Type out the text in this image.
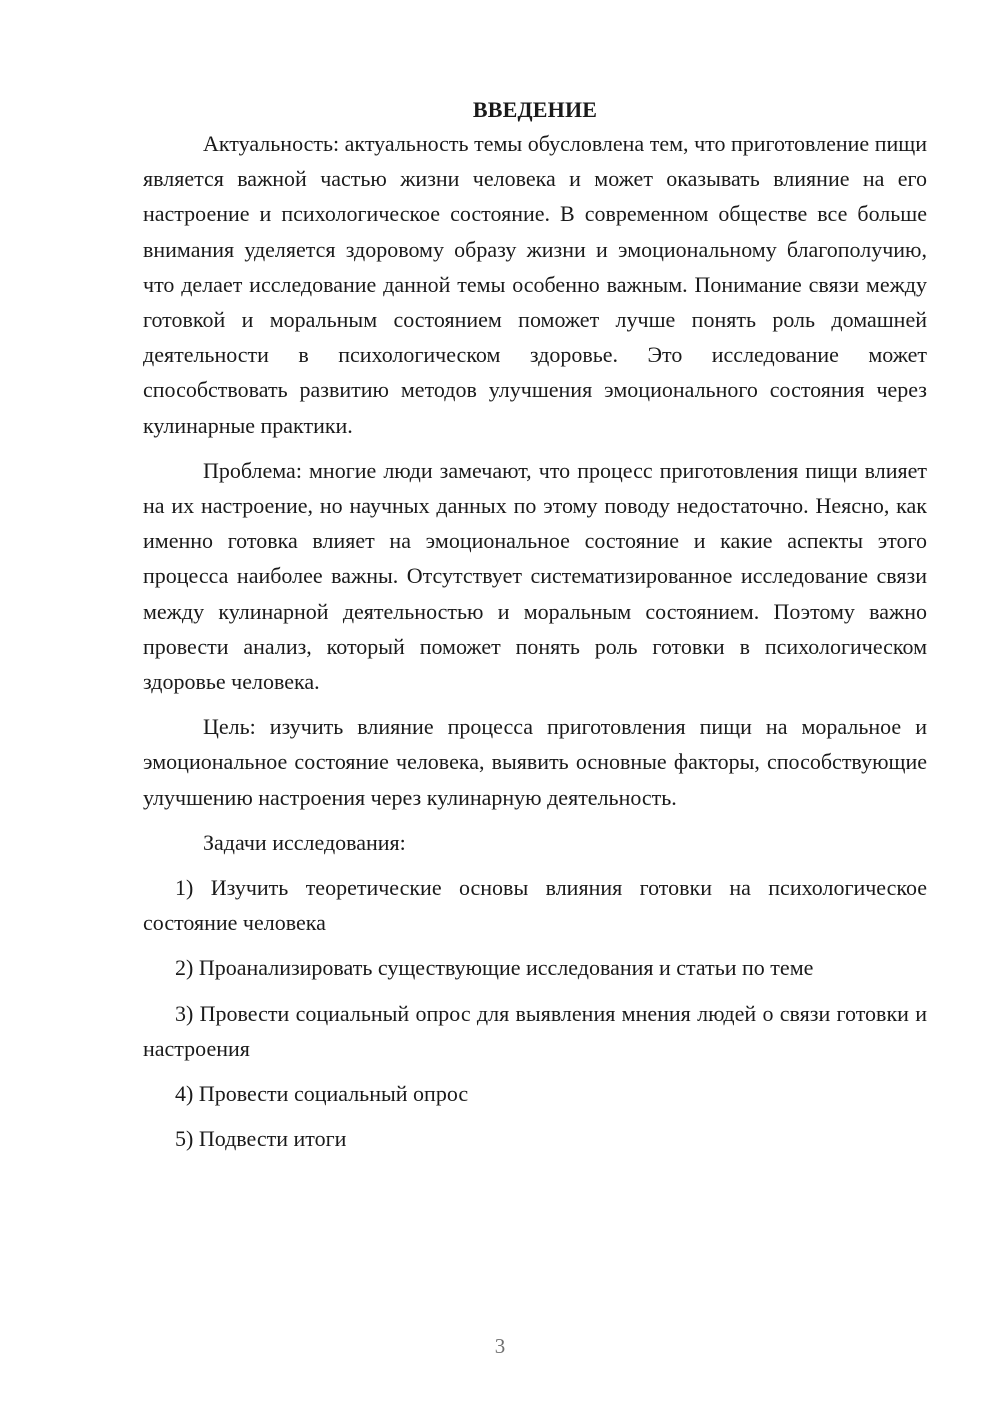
ВВЕДЕНИЕ

Актуальность: актуальность темы обусловлена тем, что приготовление пищи является важной частью жизни человека и может оказывать влияние на его настроение и психологическое состояние. В современном обществе все больше внимания уделяется здоровому образу жизни и эмоциональному благополучию, что делает исследование данной темы особенно важным. Понимание связи между готовкой и моральным состоянием поможет лучше понять роль домашней деятельности в психологическом здоровье. Это исследование может способствовать развитию методов улучшения эмоционального состояния через кулинарные практики.

Проблема: многие люди замечают, что процесс приготовления пищи влияет на их настроение, но научных данных по этому поводу недостаточно. Неясно, как именно готовка влияет на эмоциональное состояние и какие аспекты этого процесса наиболее важны. Отсутствует систематизированное исследование связи между кулинарной деятельностью и моральным состоянием. Поэтому важно провести анализ, который поможет понять роль готовки в психологическом здоровье человека.

Цель: изучить влияние процесса приготовления пищи на моральное и эмоциональное состояние человека, выявить основные факторы, способствующие улучшению настроения через кулинарную деятельность.

Задачи исследования:

1) Изучить теоретические основы влияния готовки на психологическое состояние человека

2) Проанализировать существующие исследования и статьи по теме

3) Провести социальный опрос для выявления мнения людей о связи готовки и настроения

4) Провести социальный опрос

5) Подвести итоги

3
